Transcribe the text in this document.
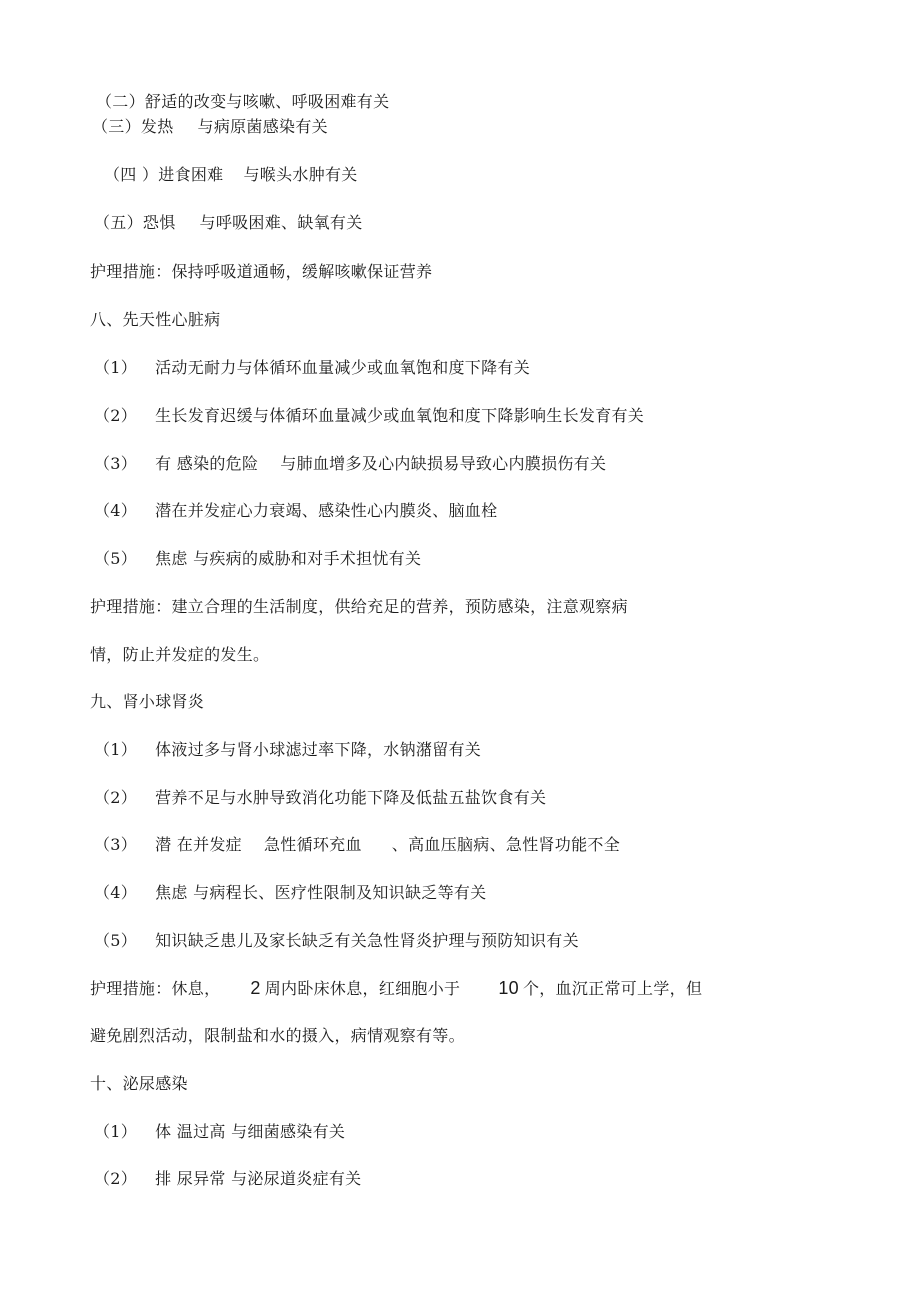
（二）舒适的改变与咳嗽、呼吸困难有关
（三）发热 与病原菌感染有关
（四 ）进食困难 与喉头水肿有关
（五）恐惧 与呼吸困难、缺氧有关
护理措施：保持呼吸道通畅，缓解咳嗽保证营养
八、先天性心脏病
（1） 活动无耐力与体循环血量减少或血氧饱和度下降有关
（2） 生长发育迟缓与体循环血量减少或血氧饱和度下降影响生长发育有关
（3） 有 感染的危险 与肺血增多及心内缺损易导致心内膜损伤有关
（4） 潜在并发症心力衰竭、感染性心内膜炎、脑血栓
（5） 焦虑 与疾病的威胁和对手术担忧有关
护理措施：建立合理的生活制度，供给充足的营养，预防感染，注意观察病
情，防止并发症的发生。
九、肾小球肾炎
（1） 体液过多与肾小球滤过率下降，水钠潴留有关
（2） 营养不足与水肿导致消化功能下降及低盐五盐饮食有关
（3） 潜 在并发症 急性循环充血 、高血压脑病、急性肾功能不全
（4） 焦虑 与病程长、医疗性限制及知识缺乏等有关
（5） 知识缺乏患儿及家长缺乏有关急性肾炎护理与预防知识有关
护理措施：休息， 2 周内卧床休息，红细胞小于 10 个，血沉正常可上学，但
避免剧烈活动，限制盐和水的摄入，病情观察有等。
十、泌尿感染
（1） 体 温过高 与细菌感染有关
（2） 排 尿异常 与泌尿道炎症有关
